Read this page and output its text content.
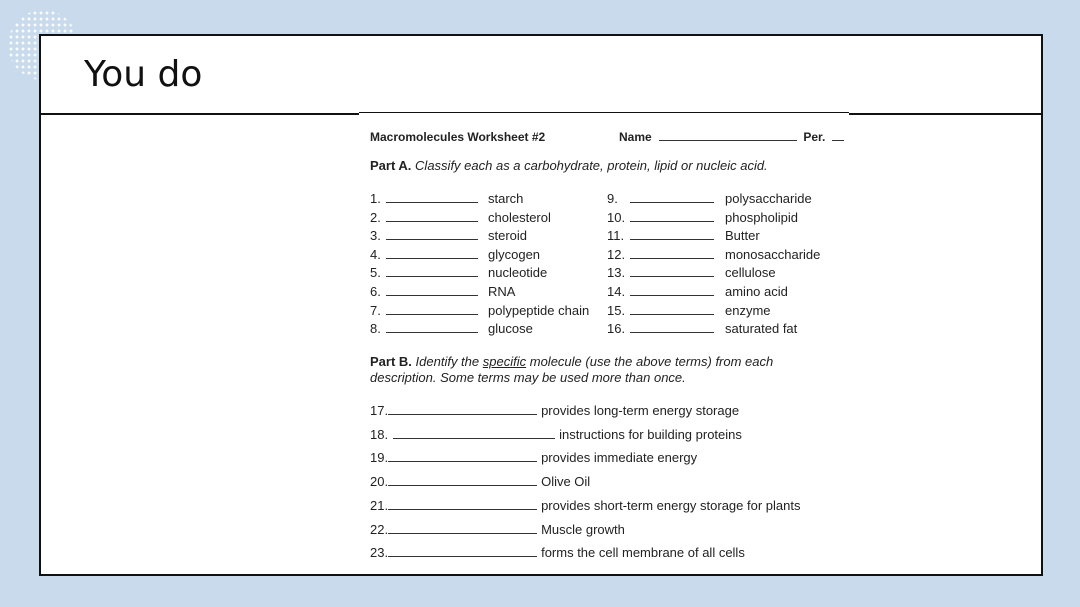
You do
Macromolecules Worksheet #2	Name	Per.
Part A. Classify each as a carbohydrate, protein, lipid or nucleic acid.
1.	starch
2.	cholesterol
3.	steroid
4.	glycogen
5.	nucleotide
6.	RNA
7.	polypeptide chain
8.	glucose
9.	polysaccharide
10.	phospholipid
11.	Butter
12.	monosaccharide
13.	cellulose
14.	amino acid
15.	enzyme
16.	saturated fat
Part B. Identify the specific molecule (use the above terms) from each
description. Some terms may be used more than once.
17.	provides long-term energy storage
18.	instructions for building proteins
19.	provides immediate energy
20.	Olive Oil
21.	provides short-term energy storage for plants
22.	Muscle growth
23.	forms the cell membrane of all cells
